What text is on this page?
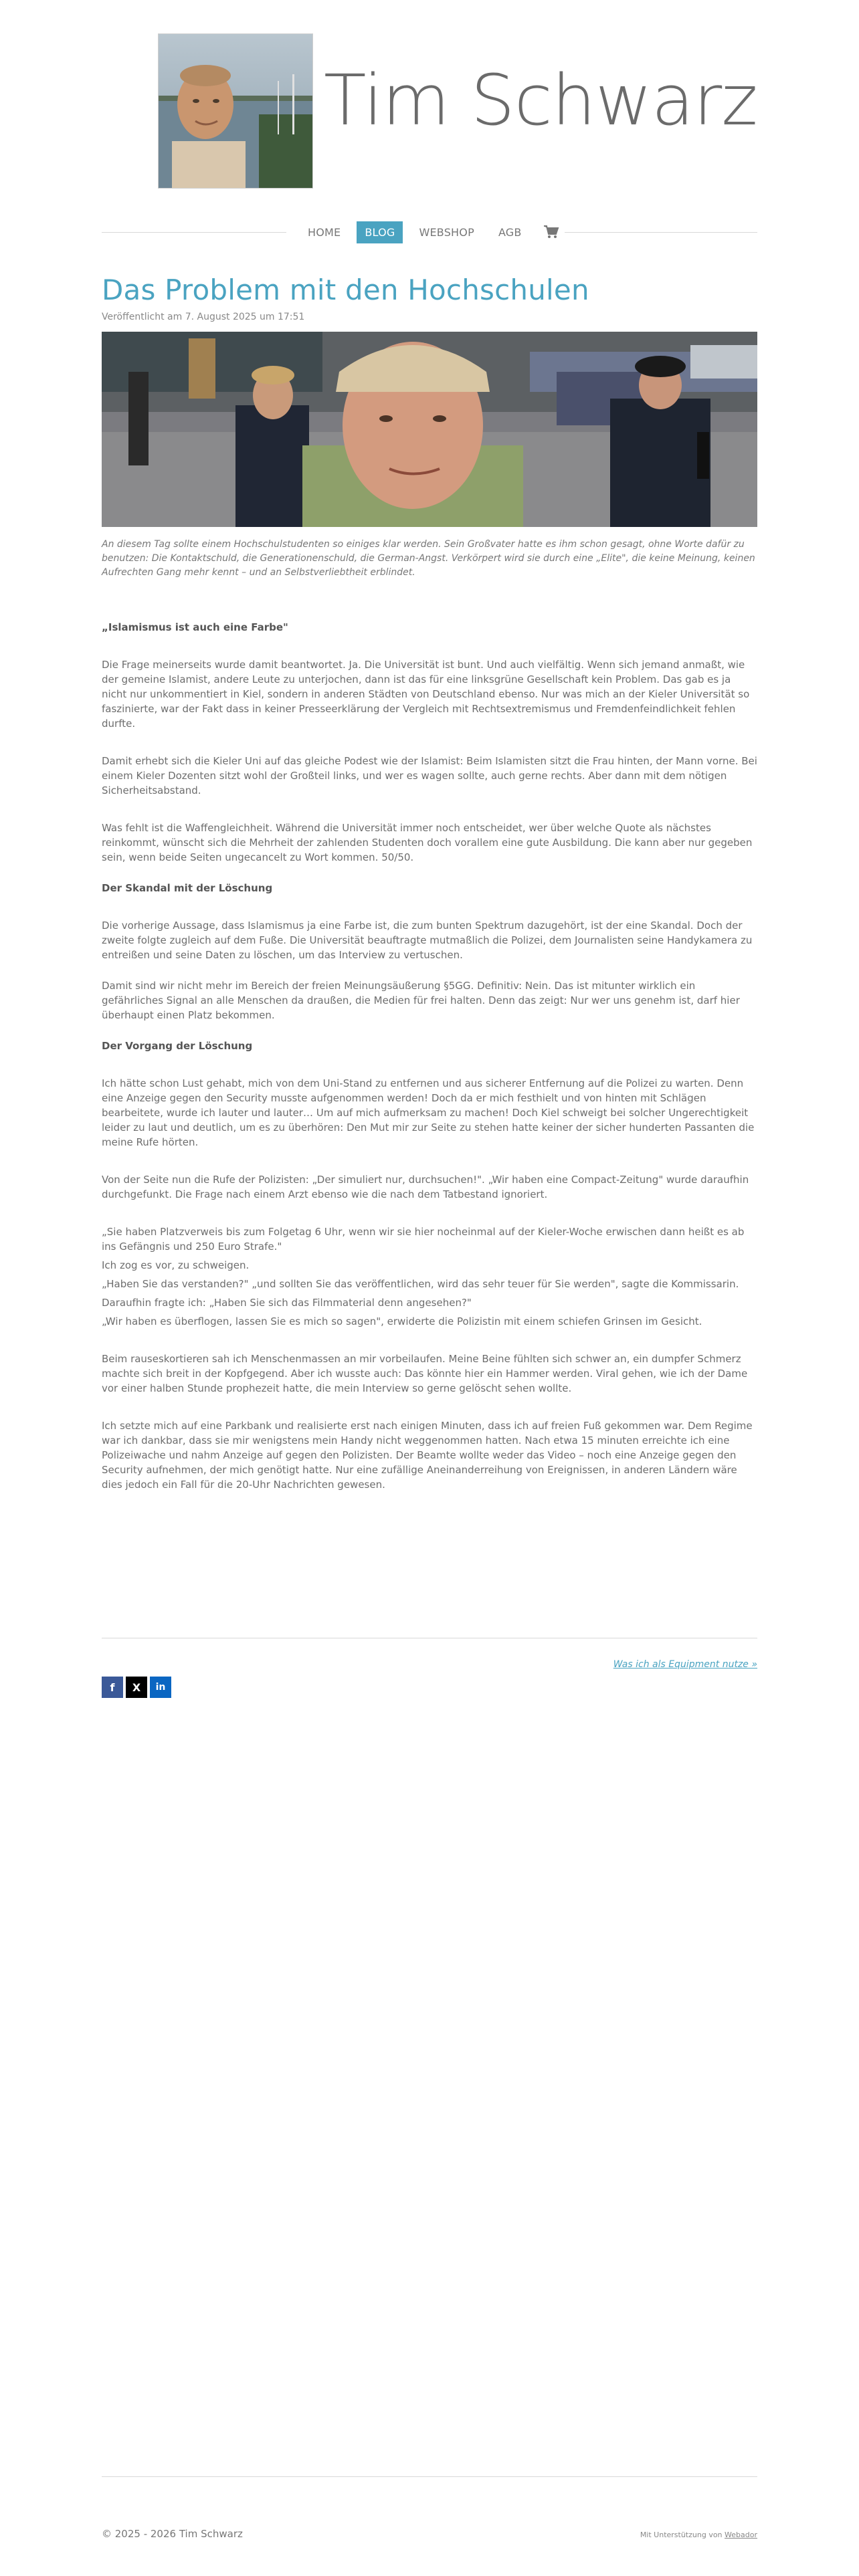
Tim Schwarz
HOME	BLOG	WEBSHOP	AGB
Das Problem mit den Hochschulen
Veröffentlicht am 7. August 2025 um 17:51
An diesem Tag sollte einem Hochschulstudenten so einiges klar werden. Sein Großvater hatte es ihm schon gesagt, ohne Worte dafür zu benutzen: Die Kontaktschuld, die Generationenschuld, die German-Angst. Verkörpert wird sie durch eine „Elite", die keine Meinung, keinen Aufrechten Gang mehr kennt – und an Selbstverliebtheit erblindet.

„Islamismus ist auch eine Farbe"

Die Frage meinerseits wurde damit beantwortet. Ja. Die Universität ist bunt. Und auch vielfältig. Wenn sich jemand anmaßt, wie der gemeine Islamist, andere Leute zu unterjochen, dann ist das für eine linksgrüne Gesellschaft kein Problem. Das gab es ja nicht nur unkommentiert in Kiel, sondern in anderen Städten von Deutschland ebenso. Nur was mich an der Kieler Universität so faszinierte, war der Fakt dass in keiner Presseerklärung der Vergleich mit Rechtsextremismus und Fremdenfeindlichkeit fehlen durfte.

Damit erhebt sich die Kieler Uni auf das gleiche Podest wie der Islamist: Beim Islamisten sitzt die Frau hinten, der Mann vorne. Bei einem Kieler Dozenten sitzt wohl der Großteil links, und wer es wagen sollte, auch gerne rechts. Aber dann mit dem nötigen Sicherheitsabstand.

Was fehlt ist die Waffengleichheit. Während die Universität immer noch entscheidet, wer über welche Quote als nächstes reinkommt, wünscht sich die Mehrheit der zahlenden Studenten doch vorallem eine gute Ausbildung. Die kann aber nur gegeben sein, wenn beide Seiten ungecancelt zu Wort kommen. 50/50.

Der Skandal mit der Löschung

Die vorherige Aussage, dass Islamismus ja eine Farbe ist, die zum bunten Spektrum dazugehört, ist der eine Skandal. Doch der zweite folgte zugleich auf dem Fuße. Die Universität beauftragte mutmaßlich die Polizei, dem Journalisten seine Handykamera zu entreißen und seine Daten zu löschen, um das Interview zu vertuschen.

Damit sind wir nicht mehr im Bereich der freien Meinungsäußerung §5GG. Definitiv: Nein. Das ist mitunter wirklich ein gefährliches Signal an alle Menschen da draußen, die Medien für frei halten. Denn das zeigt: Nur wer uns genehm ist, darf hier überhaupt einen Platz bekommen.

Der Vorgang der Löschung

Ich hätte schon Lust gehabt, mich von dem Uni-Stand zu entfernen und aus sicherer Entfernung auf die Polizei zu warten. Denn eine Anzeige gegen den Security musste aufgenommen werden! Doch da er mich festhielt und von hinten mit Schlägen bearbeitete, wurde ich lauter und lauter… Um auf mich aufmerksam zu machen! Doch Kiel schweigt bei solcher Ungerechtigkeit leider zu laut und deutlich, um es zu überhören: Den Mut mir zur Seite zu stehen hatte keiner der sicher hunderten Passanten die meine Rufe hörten.

Von der Seite nun die Rufe der Polizisten: „Der simuliert nur, durchsuchen!". „Wir haben eine Compact-Zeitung" wurde daraufhin durchgefunkt. Die Frage nach einem Arzt ebenso wie die nach dem Tatbestand ignoriert.

„Sie haben Platzverweis bis zum Folgetag 6 Uhr, wenn wir sie hier nocheinmal auf der Kieler-Woche erwischen dann heißt es ab ins Gefängnis und 250 Euro Strafe."

Ich zog es vor, zu schweigen.

„Haben Sie das verstanden?" „und sollten Sie das veröffentlichen, wird das sehr teuer für Sie werden", sagte die Kommissarin.

Daraufhin fragte ich: „Haben Sie sich das Filmmaterial denn angesehen?"

„Wir haben es überflogen, lassen Sie es mich so sagen", erwiderte die Polizistin mit einem schiefen Grinsen im Gesicht.

Beim rauseskortieren sah ich Menschenmassen an mir vorbeilaufen. Meine Beine fühlten sich schwer an, ein dumpfer Schmerz machte sich breit in der Kopfgegend. Aber ich wusste auch: Das könnte hier ein Hammer werden. Viral gehen, wie ich der Dame vor einer halben Stunde prophezeit hatte, die mein Interview so gerne gelöscht sehen wollte.

Ich setzte mich auf eine Parkbank und realisierte erst nach einigen Minuten, dass ich auf freien Fuß gekommen war. Dem Regime war ich dankbar, dass sie mir wenigstens mein Handy nicht weggenommen hatten. Nach etwa 15 minuten erreichte ich eine Polizeiwache und nahm Anzeige auf gegen den Polizisten. Der Beamte wollte weder das Video – noch eine Anzeige gegen den Security aufnehmen, der mich genötigt hatte. Nur eine zufällige Aneinanderreihung von Ereignissen, in anderen Ländern wäre dies jedoch ein Fall für die 20-Uhr Nachrichten gewesen.

Was ich als Equipment nutze »
f X in
© 2025 - 2026 Tim Schwarz	Mit Unterstützung von Webador
